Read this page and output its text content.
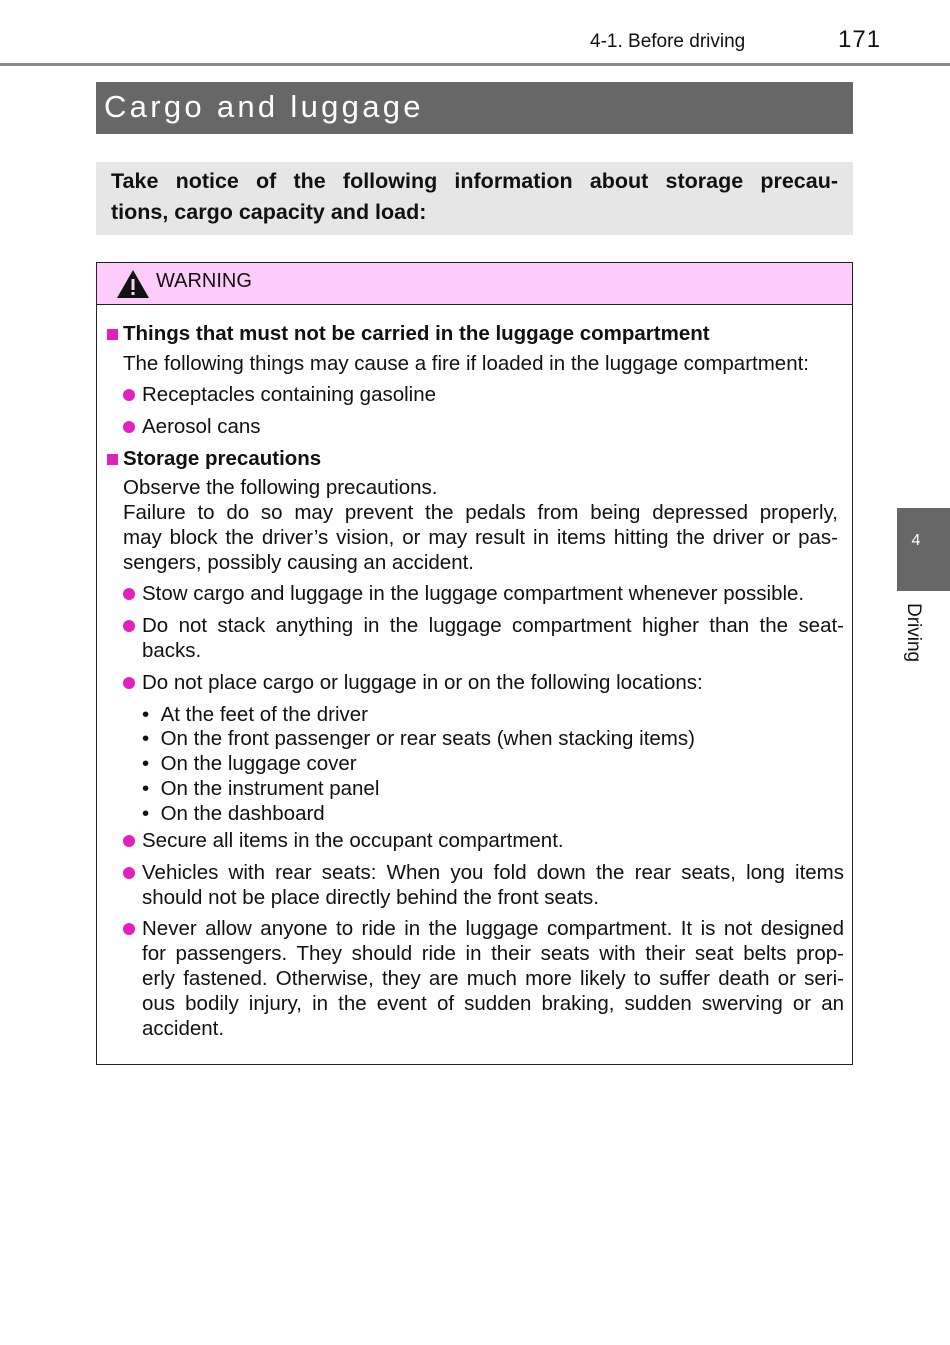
4-1. Before driving	171
Cargo and luggage
Take notice of the following information about storage precau-
tions, cargo capacity and load:
WARNING
Things that must not be carried in the luggage compartment
The following things may cause a fire if loaded in the luggage compartment:
Receptacles containing gasoline
Aerosol cans
Storage precautions
Observe the following precautions.
Failure to do so may prevent the pedals from being depressed properly,
may block the driver’s vision, or may result in items hitting the driver or pas-
sengers, possibly causing an accident.
Stow cargo and luggage in the luggage compartment whenever possible.
Do not stack anything in the luggage compartment higher than the seat-
backs.
Do not place cargo or luggage in or on the following locations:
•  At the feet of the driver
•  On the front passenger or rear seats (when stacking items)
•  On the luggage cover
•  On the instrument panel
•  On the dashboard
Secure all items in the occupant compartment.
Vehicles with rear seats: When you fold down the rear seats, long items
should not be place directly behind the front seats.
Never allow anyone to ride in the luggage compartment. It is not designed
for passengers. They should ride in their seats with their seat belts prop-
erly fastened. Otherwise, they are much more likely to suffer death or seri-
ous bodily injury, in the event of sudden braking, sudden swerving or an
accident.
4
Driving
